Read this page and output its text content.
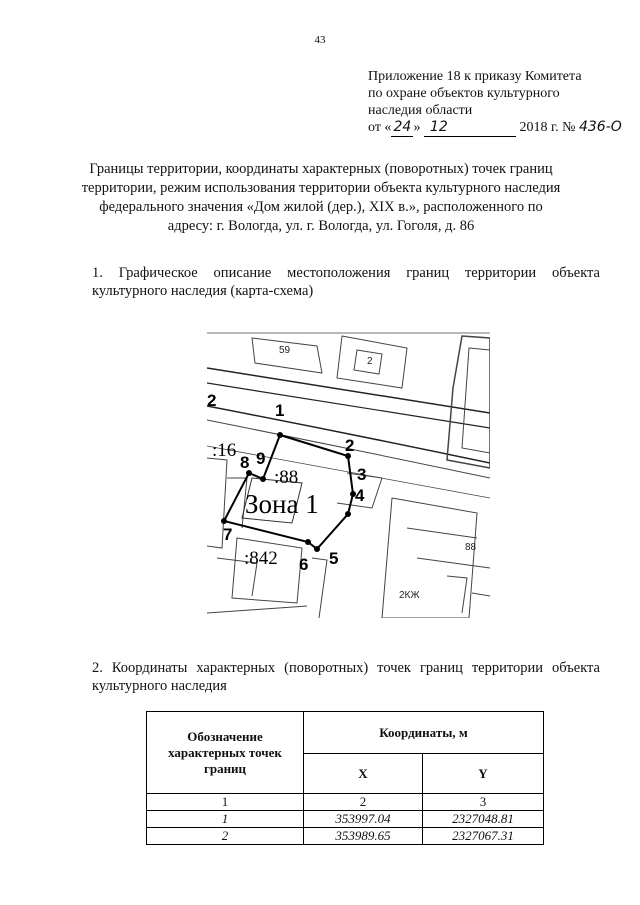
43
Приложение 18 к приказу Комитета
по охране объектов культурного
наследия области
от « 24 » 12	2018 г. № 436-О
Границы территории, координаты характерных (поворотных) точек границ территории, режим использования территории объекта культурного наследия федерального значения «Дом жилой (дер.), XIX в.», расположенного по адресу: г. Вологда, ул. г. Вологда, ул. Гоголя, д. 86
1. Графическое описание местоположения границ территории объекта культурного наследия (карта-схема)
59
2
88
2КЖ
Зона 1
1
2
3
4
5
6
7
8 9
:16
:88
:842
2
2. Координаты характерных (поворотных) точек границ территории объекта культурного наследия
Обозначение характерных точек границ	Координаты, м	
	X	Y
1	2	3
1	353997.04	2327048.81
2	353989.65	2327067.31
